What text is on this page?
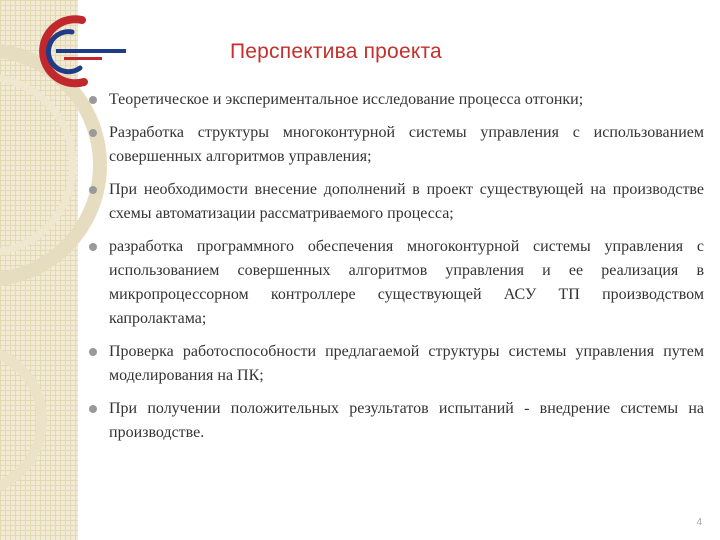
Перспектива проекта
Теоретическое и экспериментальное исследование процесса отгонки;
Разработка структуры многоконтурной системы управления с использованием совершенных алгоритмов управления;
При необходимости внесение дополнений в проект существующей на производстве схемы автоматизации рассматриваемого процесса;
разработка программного обеспечения многоконтурной системы управления с использованием совершенных алгоритмов управления и ее реализация в микропроцессорном контроллере существующей АСУ ТП производством капролактама;
Проверка работоспособности предлагаемой структуры системы управления путем моделирования на ПК;
При получении положительных результатов испытаний - внедрение системы на производстве.
4
